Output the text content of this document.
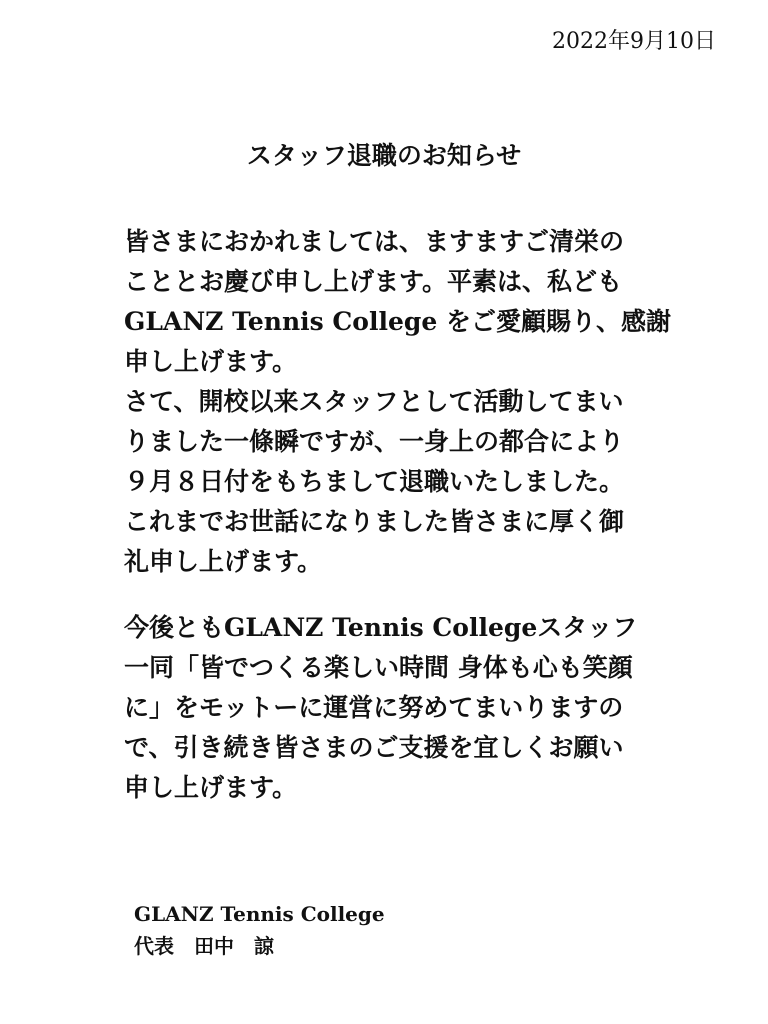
2022年9月10日
スタッフ退職のお知らせ
皆さまにおかれましては、ますますご清栄の
こととお慶び申し上げます。平素は、私ども
GLANZ Tennis College をご愛顧賜り、感謝
申し上げます。
さて、開校以来スタッフとして活動してまい
りました一條瞬ですが、一身上の都合により
９月８日付をもちまして退職いたしました。
これまでお世話になりました皆さまに厚く御
礼申し上げます。
今後ともGLANZ Tennis Collegeスタッフ
一同「皆でつくる楽しい時間 身体も心も笑顔
に」をモットーに運営に努めてまいりますの
で、引き続き皆さまのご支援を宜しくお願い
申し上げます。
GLANZ Tennis College
代表　田中　諒
